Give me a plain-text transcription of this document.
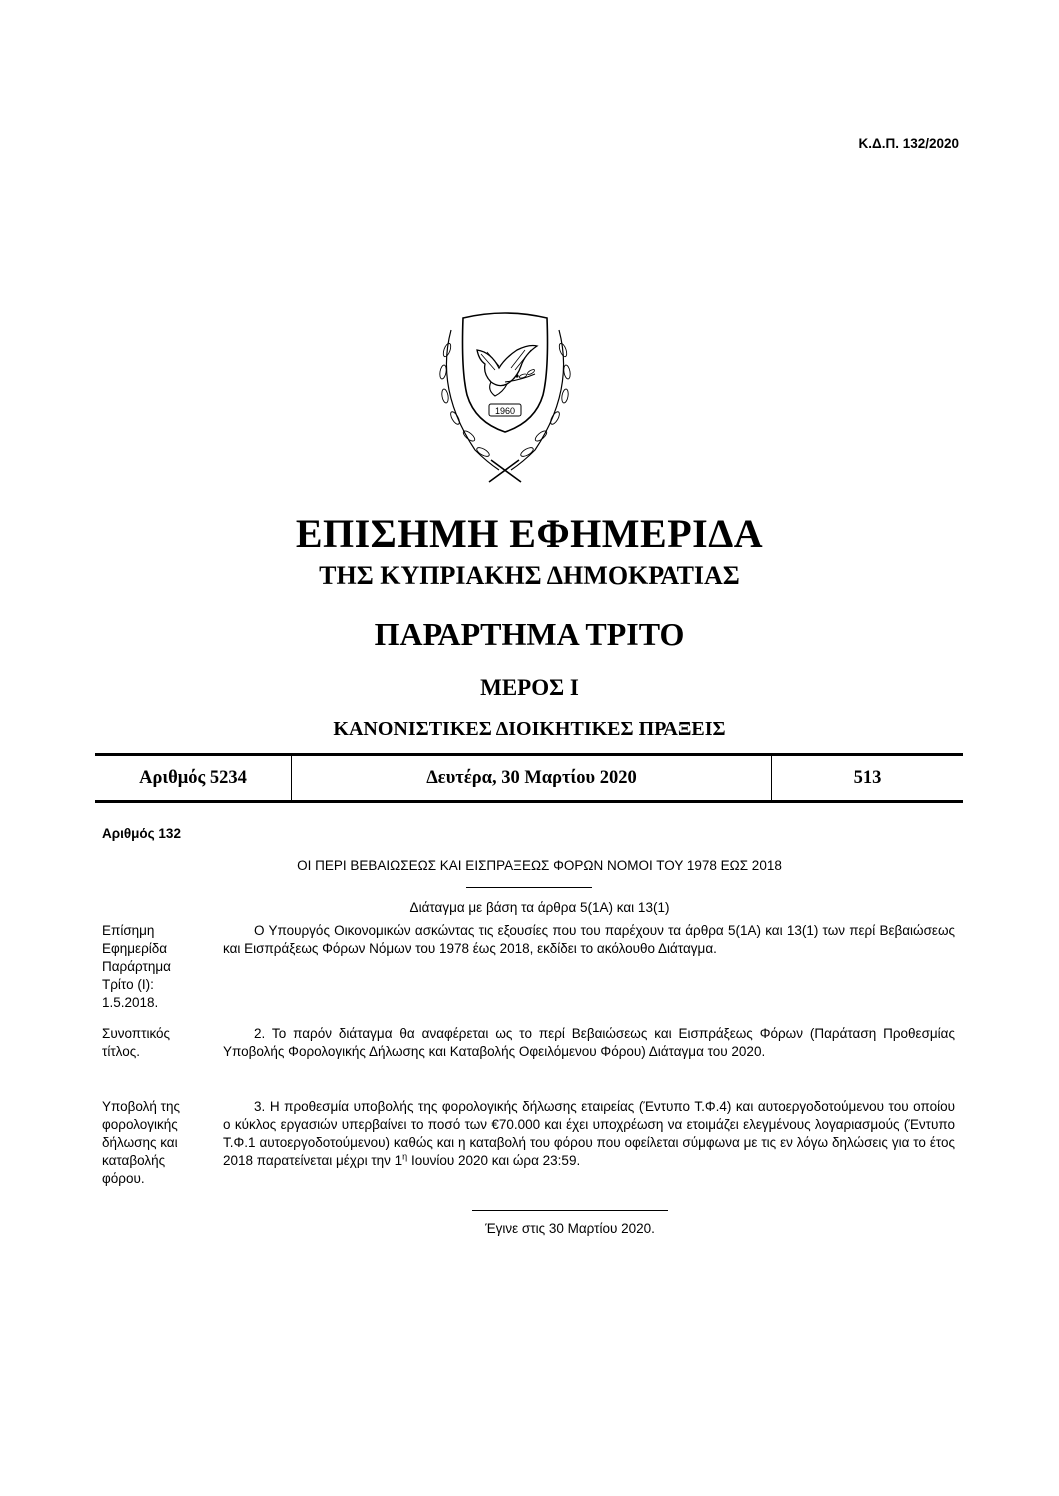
Κ.Δ.Π. 132/2020
1960
ΕΠΙΣΗΜΗ ΕΦΗΜΕΡΙΔΑ
ΤΗΣ ΚΥΠΡΙΑΚΗΣ ΔΗΜΟΚΡΑΤΙΑΣ
ΠΑΡΑΡΤΗΜΑ ΤΡΙΤΟ
ΜΕΡΟΣ Ι
ΚΑΝΟΝΙΣΤΙΚΕΣ ΔΙΟΙΚΗΤΙΚΕΣ ΠΡΑΞΕΙΣ
Αριθμός 5234	Δευτέρα, 30 Μαρτίου 2020	513
Αριθμός 132
ΟΙ ΠΕΡΙ ΒΕΒΑΙΩΣΕΩΣ ΚΑΙ ΕΙΣΠΡΑΞΕΩΣ ΦΟΡΩΝ ΝΟΜΟΙ ΤΟΥ 1978 ΕΩΣ 2018
Διάταγμα με βάση τα άρθρα 5(1Α) και 13(1)
Επίσημη
Εφημερίδα
Παράρτημα
Τρίτο (Ι):
1.5.2018.
Ο Υπουργός Οικονομικών ασκώντας τις εξουσίες που του παρέχουν τα άρθρα 5(1Α) και 13(1) των περί Βεβαιώσεως και Εισπράξεως Φόρων Νόμων του 1978 έως 2018, εκδίδει το ακόλουθο Διάταγμα.
Συνοπτικός
τίτλος.
2. Το παρόν διάταγμα θα αναφέρεται ως το περί Βεβαιώσεως και Εισπράξεως Φόρων (Παράταση Προθεσμίας Υποβολής Φορολογικής Δήλωσης και Καταβολής Οφειλόμενου Φόρου) Διάταγμα του 2020.
Υποβολή της
φορολογικής
δήλωσης και
καταβολής
φόρου.
3. Η προθεσμία υποβολής της φορολογικής δήλωσης εταιρείας (Έντυπο Τ.Φ.4) και αυτοεργοδοτούμενου του οποίου ο κύκλος εργασιών υπερβαίνει το ποσό των €70.000 και έχει υποχρέωση να ετοιμάζει ελεγμένους λογαριασμούς (Έντυπο Τ.Φ.1 αυτοεργοδοτούμενου) καθώς και η καταβολή του φόρου που οφείλεται σύμφωνα με τις εν λόγω δηλώσεις για το έτος 2018 παρατείνεται μέχρι την $1^\eta$ Ιουνίου 2020 και ώρα 23:59.
Έγινε στις 30 Μαρτίου 2020.
